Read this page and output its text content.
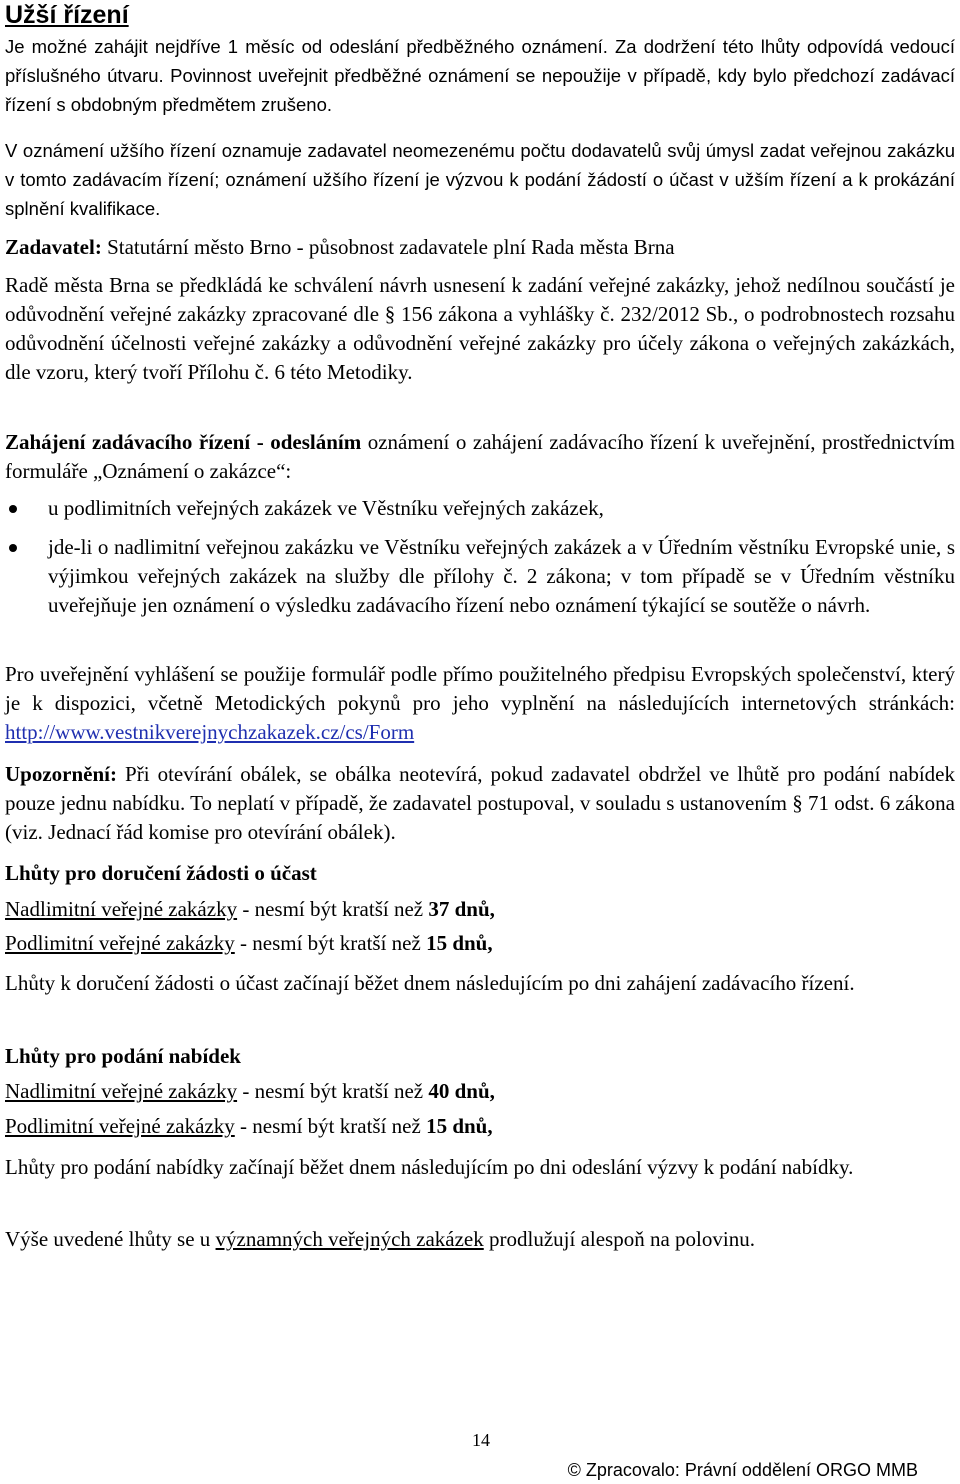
Užší řízení

Je možné zahájit nejdříve 1 měsíc od odeslání předběžného oznámení. Za dodržení této lhůty odpovídá vedoucí příslušného útvaru. Povinnost uveřejnit předběžné oznámení se nepoužije v případě, kdy bylo předchozí zadávací řízení s obdobným předmětem zrušeno.

V oznámení užšího řízení oznamuje zadavatel neomezenému počtu dodavatelů svůj úmysl zadat veřejnou zakázku v tomto zadávacím řízení; oznámení užšího řízení je výzvou k podání žádostí o účast v užším řízení a k prokázání splnění kvalifikace.

Zadavatel: Statutární město Brno - působnost zadavatele plní Rada města Brna

Radě města Brna se předkládá ke schválení návrh usnesení k zadání veřejné zakázky, jehož nedílnou součástí je odůvodnění veřejné zakázky zpracované dle § 156 zákona a vyhlášky č. 232/2012 Sb., o podrobnostech rozsahu odůvodnění účelnosti veřejné zakázky a odůvodnění veřejné zakázky pro účely zákona o veřejných zakázkách, dle vzoru, který tvoří Přílohu č. 6 této Metodiky.

Zahájení zadávacího řízení - odesláním oznámení o zahájení zadávacího řízení k uveřejnění, prostřednictvím formuláře „Oznámení o zakázce“:

u podlimitních veřejných zakázek ve Věstníku veřejných zakázek,
jde-li o nadlimitní veřejnou zakázku ve Věstníku veřejných zakázek a v Úředním věstníku Evropské unie, s výjimkou veřejných zakázek na služby dle přílohy č. 2 zákona; v tom případě se v Úředním věstníku uveřejňuje jen oznámení o výsledku zadávacího řízení nebo oznámení týkající se soutěže o návrh.

Pro uveřejnění vyhlášení se použije formulář podle přímo použitelného předpisu Evropských společenství, který je k dispozici, včetně Metodických pokynů pro jeho vyplnění na následujících internetových stránkách: http://www.vestnikverejnychzakazek.cz/cs/Form

Upozornění: Při otevírání obálek, se obálka neotevírá, pokud zadavatel obdržel ve lhůtě pro podání nabídek pouze jednu nabídku. To neplatí v případě, že zadavatel postupoval, v souladu s ustanovením § 71 odst. 6 zákona (viz. Jednací řád komise pro otevírání obálek).

Lhůty pro doručení žádosti o účast

Nadlimitní veřejné zakázky - nesmí být kratší než 37 dnů,

Podlimitní veřejné zakázky - nesmí být kratší než 15 dnů,

Lhůty k doručení žádosti o účast začínají běžet dnem následujícím po dni zahájení zadávacího řízení.

Lhůty pro podání nabídek

Nadlimitní veřejné zakázky - nesmí být kratší než 40 dnů,

Podlimitní veřejné zakázky - nesmí být kratší než 15 dnů,

Lhůty pro podání nabídky začínají běžet dnem následujícím po dni odeslání výzvy k podání nabídky.

Výše uvedené lhůty se u významných veřejných zakázek prodlužují alespoň na polovinu.

14
© Zpracovalo: Právní oddělení ORGO MMB
